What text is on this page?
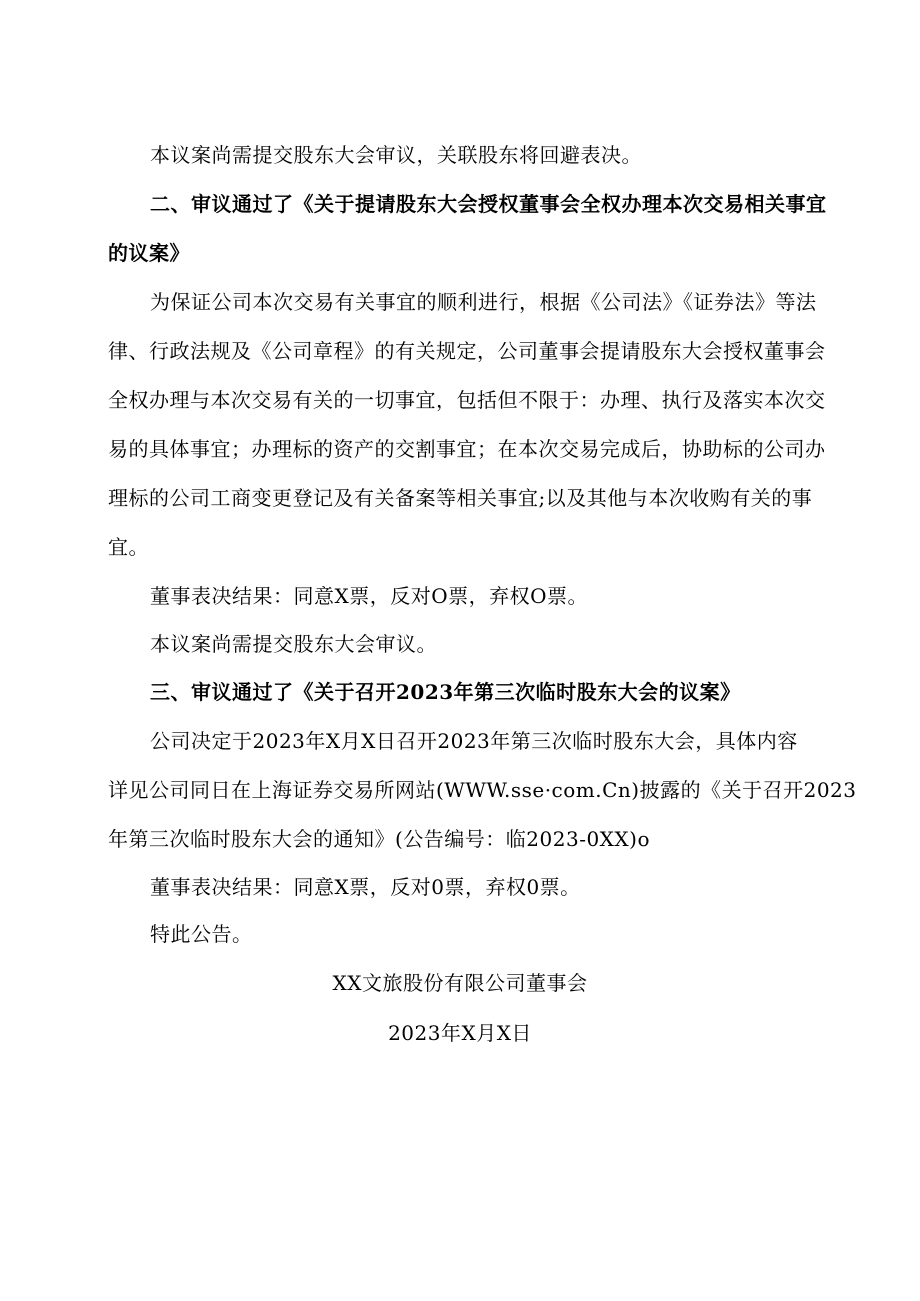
本议案尚需提交股东大会审议，关联股东将回避表决。
二、审议通过了《关于提请股东大会授权董事会全权办理本次交易相关事宜
的议案》
为保证公司本次交易有关事宜的顺利进行，根据《公司法》《证券法》等法
律、行政法规及《公司章程》的有关规定，公司董事会提请股东大会授权董事会
全权办理与本次交易有关的一切事宜，包括但不限于：办理、执行及落实本次交
易的具体事宜；办理标的资产的交割事宜；在本次交易完成后，协助标的公司办
理标的公司工商变更登记及有关备案等相关事宜;以及其他与本次收购有关的事
宜。
董事表决结果：同意X票，反对O票，弃权O票。
本议案尚需提交股东大会审议。
三、审议通过了《关于召开2023年第三次临时股东大会的议案》
公司决定于2023年X月X日召开2023年第三次临时股东大会，具体内容
详见公司同日在上海证券交易所网站(WWW.sse·com.Cn)披露的《关于召开2023
年第三次临时股东大会的通知》(公告编号：临2023-0XX)o
董事表决结果：同意X票，反对0票，弃权0票。
特此公告。
XX文旅股份有限公司董事会
2023年X月X日
